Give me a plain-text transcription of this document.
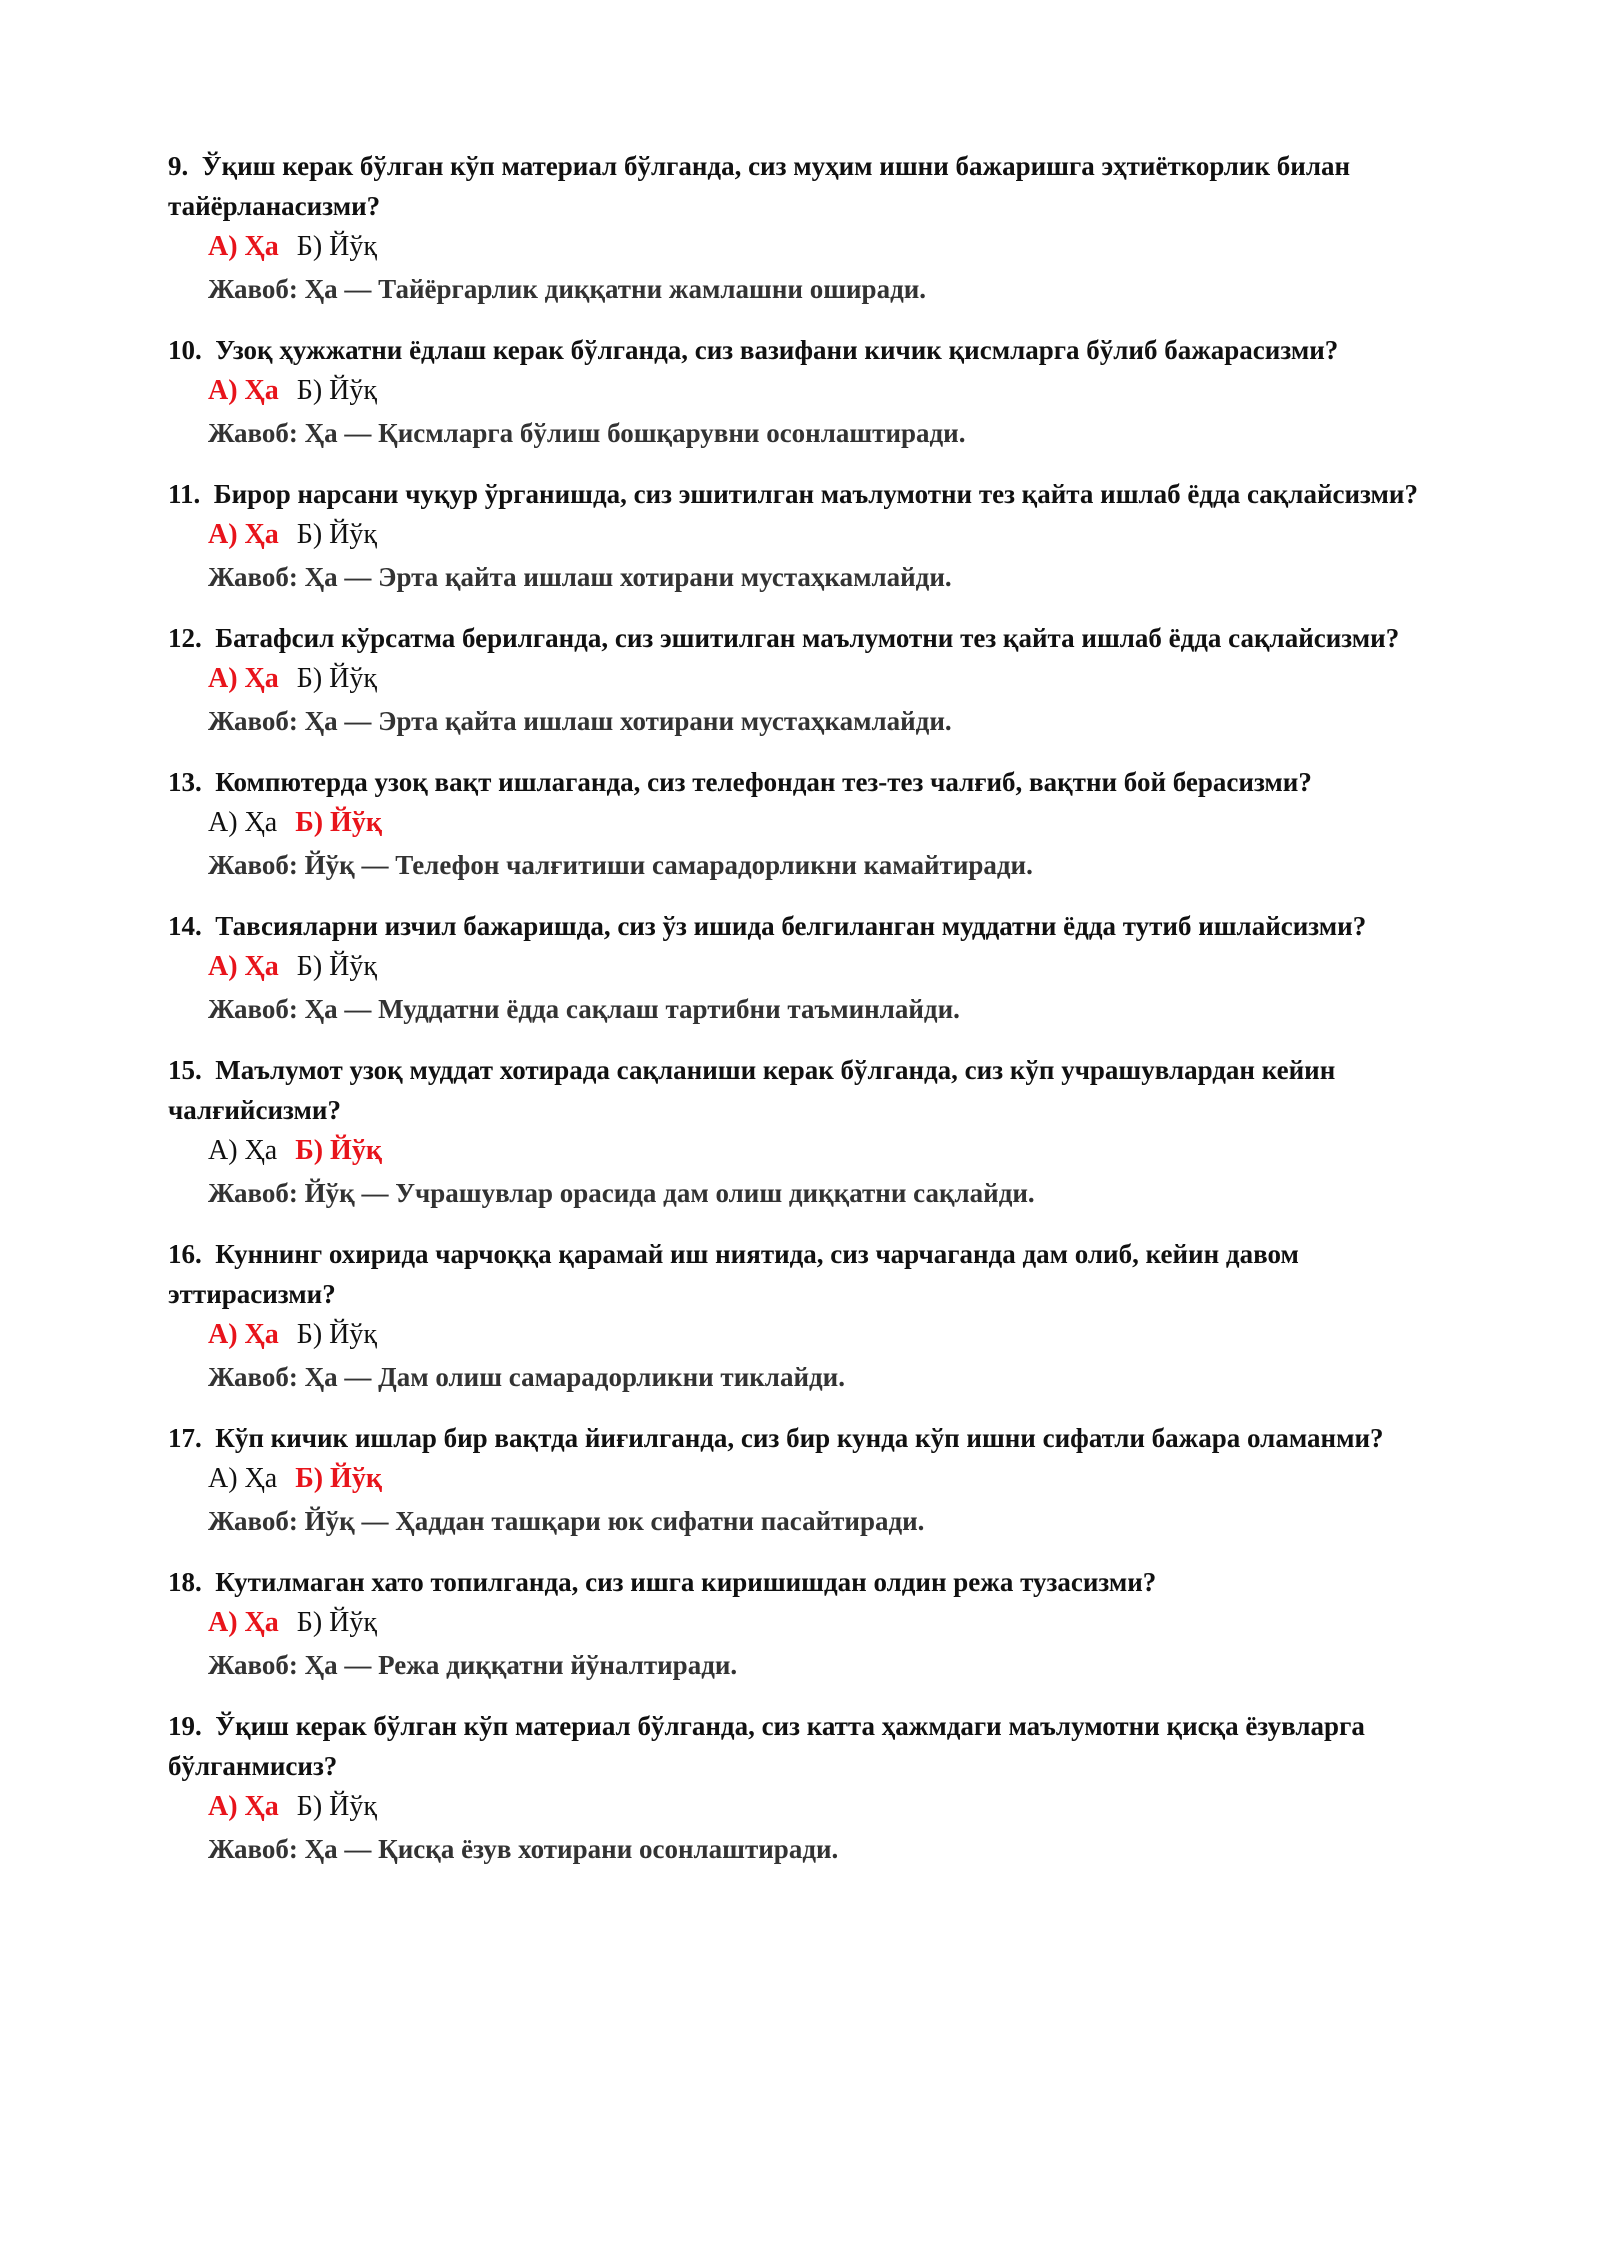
9. Ўқиш керак бўлган кўп материал бўлганда, сиз муҳим ишни бажаришга эҳтиёткорлик билан тайёрланасизми?

А) Ҳа Б) Йўқ
Жавоб: Ҳа — Тайёргарлик диққатни жамлашни оширади.

10. Узоқ ҳужжатни ёдлаш керак бўлганда, сиз вазифани кичик қисмларга бўлиб бажарасизми?

А) Ҳа Б) Йўқ
Жавоб: Ҳа — Қисмларга бўлиш бошқарувни осонлаштиради.

11. Бирор нарсани чуқур ўрганишда, сиз эшитилган маълумотни тез қайта ишлаб ёдда сақлайсизми?

А) Ҳа Б) Йўқ
Жавоб: Ҳа — Эрта қайта ишлаш хотирани мустаҳкамлайди.

12. Батафсил кўрсатма берилганда, сиз эшитилган маълумотни тез қайта ишлаб ёдда сақлайсизми?

А) Ҳа Б) Йўқ
Жавоб: Ҳа — Эрта қайта ишлаш хотирани мустаҳкамлайди.

13. Компютерда узоқ вақт ишлаганда, сиз телефондан тез-тез чалғиб, вақтни бой берасизми?

А) Ҳа Б) Йўқ
Жавоб: Йўқ — Телефон чалғитиши самарадорликни камайтиради.

14. Тавсияларни изчил бажаришда, сиз ўз ишида белгиланган муддатни ёдда тутиб ишлайсизми?

А) Ҳа Б) Йўқ
Жавоб: Ҳа — Муддатни ёдда сақлаш тартибни таъминлайди.

15. Маълумот узоқ муддат хотирада сақланиши керак бўлганда, сиз кўп учрашувлардан кейин чалғийсизми?

А) Ҳа Б) Йўқ
Жавоб: Йўқ — Учрашувлар орасида дам олиш диққатни сақлайди.

16. Куннинг охирида чарчоққа қарамай иш ниятида, сиз чарчаганда дам олиб, кейин давом эттирасизми?

А) Ҳа Б) Йўқ
Жавоб: Ҳа — Дам олиш самарадорликни тиклайди.

17. Кўп кичик ишлар бир вақтда йиғилганда, сиз бир кунда кўп ишни сифатли бажара оламанми?

А) Ҳа Б) Йўқ
Жавоб: Йўқ — Ҳаддан ташқари юк сифатни пасайтиради.

18. Кутилмаган хато топилганда, сиз ишга киришишдан олдин режа тузасизми?

А) Ҳа Б) Йўқ
Жавоб: Ҳа — Режа диққатни йўналтиради.

19. Ўқиш керак бўлган кўп материал бўлганда, сиз катта ҳажмдаги маълумотни қисқа ёзувларга бўлганмисиз?

А) Ҳа Б) Йўқ
Жавоб: Ҳа — Қисқа ёзув хотирани осонлаштиради.
